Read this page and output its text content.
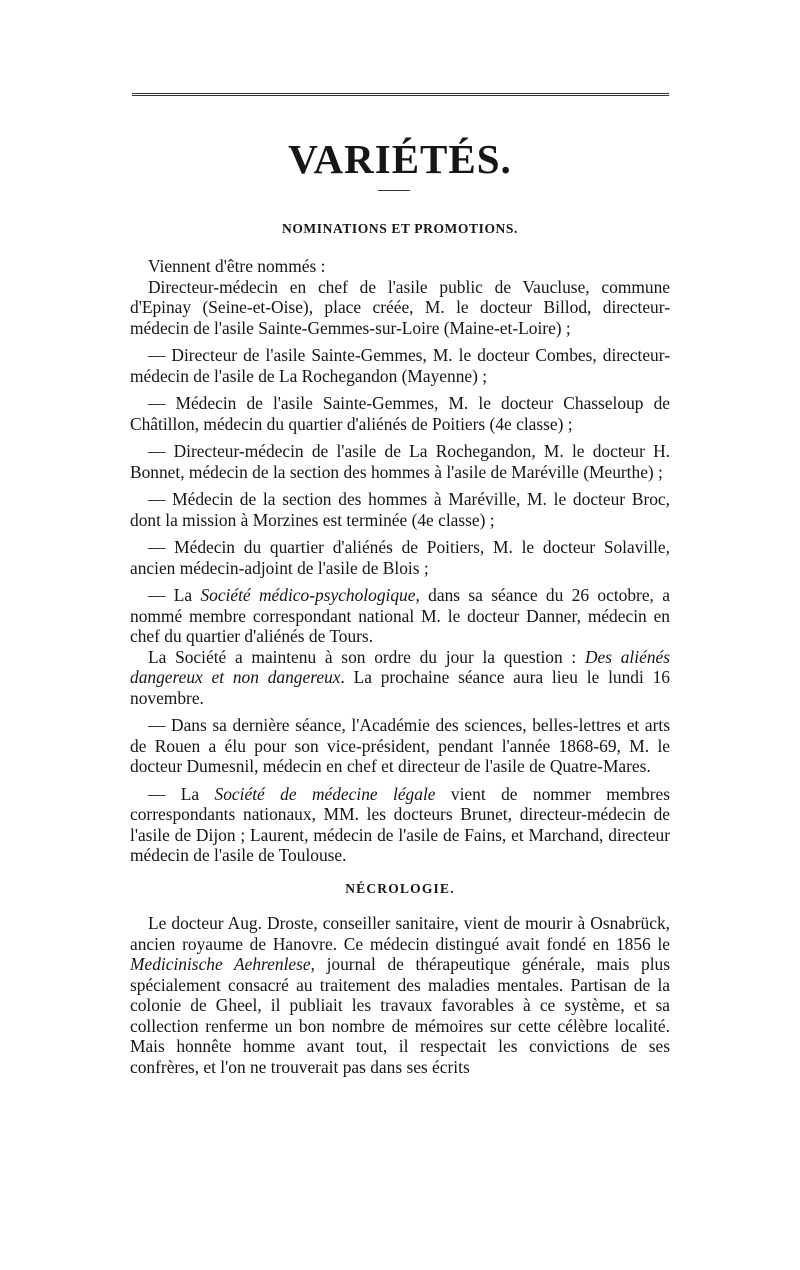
VARIÉTÉS.
NOMINATIONS ET PROMOTIONS.

Viennent d'être nommés :

Directeur-médecin en chef de l'asile public de Vaucluse, commune d'Epinay (Seine-et-Oise), place créée, M. le docteur Billod, directeur-médecin de l'asile Sainte-Gemmes-sur-Loire (Maine-et-Loire) ;

— Directeur de l'asile Sainte-Gemmes, M. le docteur Combes, directeur-médecin de l'asile de La Rochegandon (Mayenne) ;

— Médecin de l'asile Sainte-Gemmes, M. le docteur Chasseloup de Châtillon, médecin du quartier d'aliénés de Poitiers (4e classe) ;

— Directeur-médecin de l'asile de La Rochegandon, M. le docteur H. Bonnet, médecin de la section des hommes à l'asile de Maréville (Meurthe) ;

— Médecin de la section des hommes à Maréville, M. le docteur Broc, dont la mission à Morzines est terminée (4e classe) ;

— Médecin du quartier d'aliénés de Poitiers, M. le docteur Solaville, ancien médecin-adjoint de l'asile de Blois ;

— La Société médico-psychologique, dans sa séance du 26 octobre, a nommé membre correspondant national M. le docteur Danner, médecin en chef du quartier d'aliénés de Tours.

La Société a maintenu à son ordre du jour la question : Des aliénés dangereux et non dangereux. La prochaine séance aura lieu le lundi 16 novembre.

— Dans sa dernière séance, l'Académie des sciences, belles-lettres et arts de Rouen a élu pour son vice-président, pendant l'année 1868-69, M. le docteur Dumesnil, médecin en chef et directeur de l'asile de Quatre-Mares.

— La Société de médecine légale vient de nommer membres correspondants nationaux, MM. les docteurs Brunet, directeur-médecin de l'asile de Dijon ; Laurent, médecin de l'asile de Fains, et Marchand, directeur médecin de l'asile de Toulouse.

NÉCROLOGIE.

Le docteur Aug. Droste, conseiller sanitaire, vient de mourir à Osnabrück, ancien royaume de Hanovre. Ce médecin distingué avait fondé en 1856 le Medicinische Aehrenlese, journal de thérapeutique générale, mais plus spécialement consacré au traitement des maladies mentales. Partisan de la colonie de Gheel, il publiait les travaux favorables à ce système, et sa collection renferme un bon nombre de mémoires sur cette célèbre localité. Mais honnête homme avant tout, il respectait les convictions de ses confrères, et l'on ne trouverait pas dans ses écrits
